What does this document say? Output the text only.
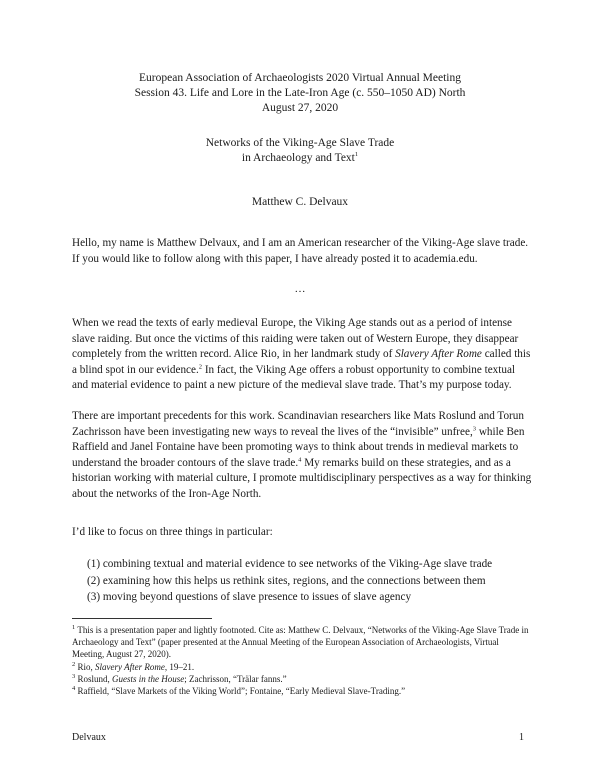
European Association of Archaeologists 2020 Virtual Annual Meeting
Session 43. Life and Lore in the Late-Iron Age (c. 550–1050 AD) North
August 27, 2020
Networks of the Viking-Age Slave Trade
in Archaeology and Text$^1$
Matthew C. Delvaux

Hello, my name is Matthew Delvaux, and I am an American researcher of the Viking-Age slave trade. If you would like to follow along with this paper, I have already posted it to academia.edu.

…

When we read the texts of early medieval Europe, the Viking Age stands out as a period of intense slave raiding. But once the victims of this raiding were taken out of Western Europe, they disappear completely from the written record. Alice Rio, in her landmark study of Slavery After Rome called this a blind spot in our evidence.$^2$ In fact, the Viking Age offers a robust opportunity to combine textual and material evidence to paint a new picture of the medieval slave trade. That’s my purpose today.

There are important precedents for this work. Scandinavian researchers like Mats Roslund and Torun Zachrisson have been investigating new ways to reveal the lives of the “invisible” unfree,$^3$ while Ben Raffield and Janel Fontaine have been promoting ways to think about trends in medieval markets to understand the broader contours of the slave trade.$^4$ My remarks build on these strategies, and as a historian working with material culture, I promote multidisciplinary perspectives as a way for thinking about the networks of the Iron-Age North.

I’d like to focus on three things in particular:

(1) combining textual and material evidence to see networks of the Viking-Age slave trade
(2) examining how this helps us rethink sites, regions, and the connections between them
(3) moving beyond questions of slave presence to issues of slave agency

$^1$ This is a presentation paper and lightly footnoted. Cite as: Matthew C. Delvaux, “Networks of the Viking-Age Slave Trade in Archaeology and Text” (paper presented at the Annual Meeting of the European Association of Archaeologists, Virtual Meeting, August 27, 2020).

$^2$ Rio, Slavery After Rome, 19–21.

$^3$ Roslund, Guests in the House; Zachrisson, “Trälar fanns.”

$^4$ Raffield, “Slave Markets of the Viking World”; Fontaine, “Early Medieval Slave-Trading.”

Delvaux	1
